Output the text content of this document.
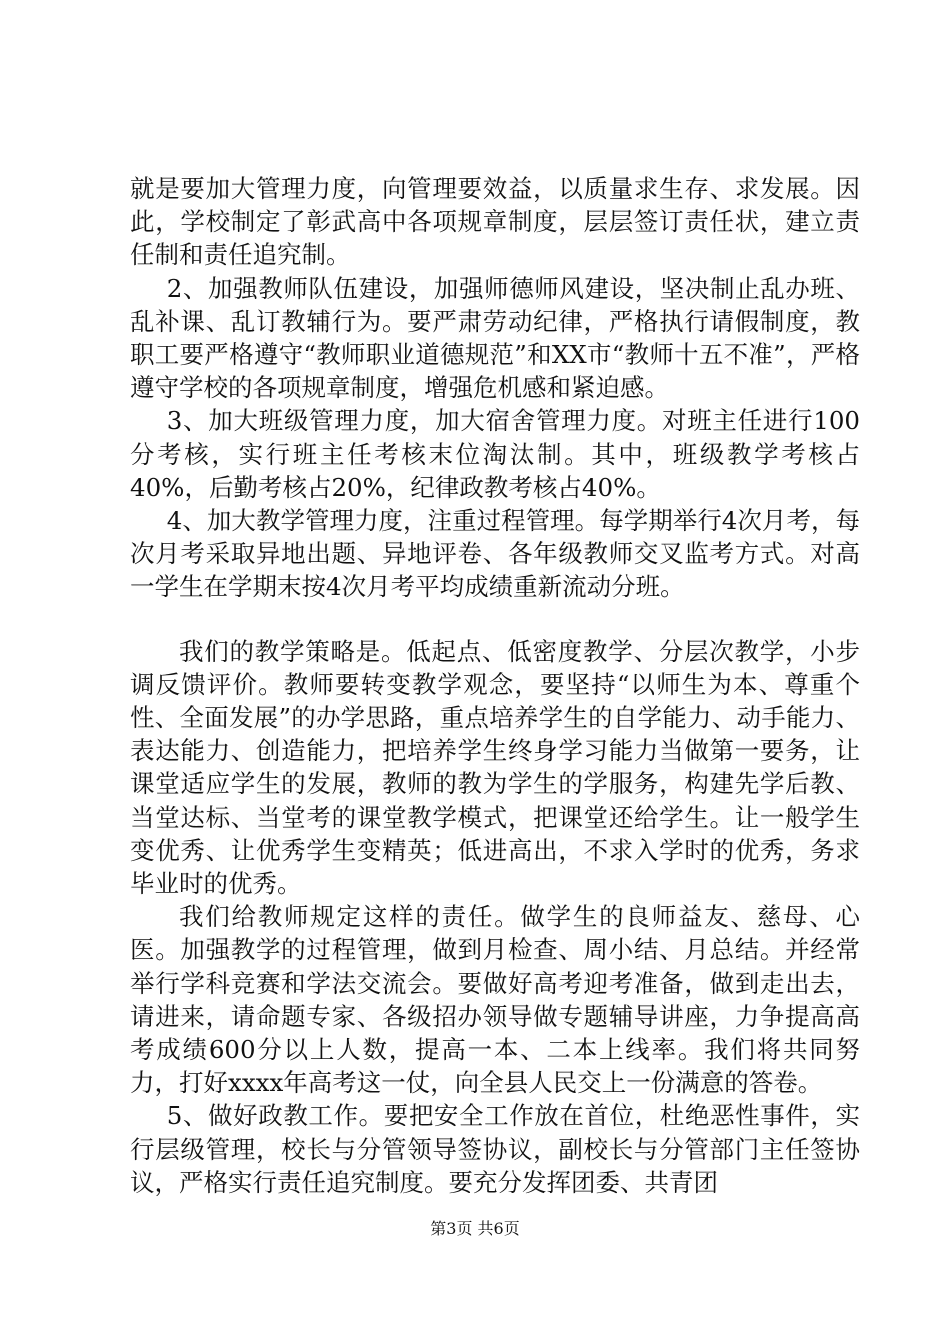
就是要加大管理力度，向管理要效益，以质量求生存、求发展。因此，学校制定了彰武高中各项规章制度，层层签订责任状，建立责任制和责任追究制。

2、加强教师队伍建设，加强师德师风建设，坚决制止乱办班、乱补课、乱订教辅行为。要严肃劳动纪律，严格执行请假制度，教职工要严格遵守“教师职业道德规范”和XX市“教师十五不准”，严格遵守学校的各项规章制度，增强危机感和紧迫感。

3、加大班级管理力度，加大宿舍管理力度。对班主任进行100分考核，实行班主任考核末位淘汰制。其中，班级教学考核占40%，后勤考核占20%，纪律政教考核占40%。

4、加大教学管理力度，注重过程管理。每学期举行4次月考，每次月考采取异地出题、异地评卷、各年级教师交叉监考方式。对高一学生在学期末按4次月考平均成绩重新流动分班。

我们的教学策略是。低起点、低密度教学、分层次教学，小步调反馈评价。教师要转变教学观念，要坚持“以师生为本、尊重个性、全面发展”的办学思路，重点培养学生的自学能力、动手能力、表达能力、创造能力，把培养学生终身学习能力当做第一要务，让课堂适应学生的发展，教师的教为学生的学服务，构建先学后教、当堂达标、当堂考的课堂教学模式，把课堂还给学生。让一般学生变优秀、让优秀学生变精英；低进高出，不求入学时的优秀，务求毕业时的优秀。

我们给教师规定这样的责任。做学生的良师益友、慈母、心医。加强教学的过程管理，做到月检查、周小结、月总结。并经常举行学科竞赛和学法交流会。要做好高考迎考准备，做到走出去，请进来，请命题专家、各级招办领导做专题辅导讲座，力争提高高考成绩600分以上人数，提高一本、二本上线率。我们将共同努力，打好xxxx年高考这一仗，向全县人民交上一份满意的答卷。

5、做好政教工作。要把安全工作放在首位，杜绝恶性事件，实行层级管理，校长与分管领导签协议，副校长与分管部门主任签协议，严格实行责任追究制度。要充分发挥团委、共青团

第3页 共6页
